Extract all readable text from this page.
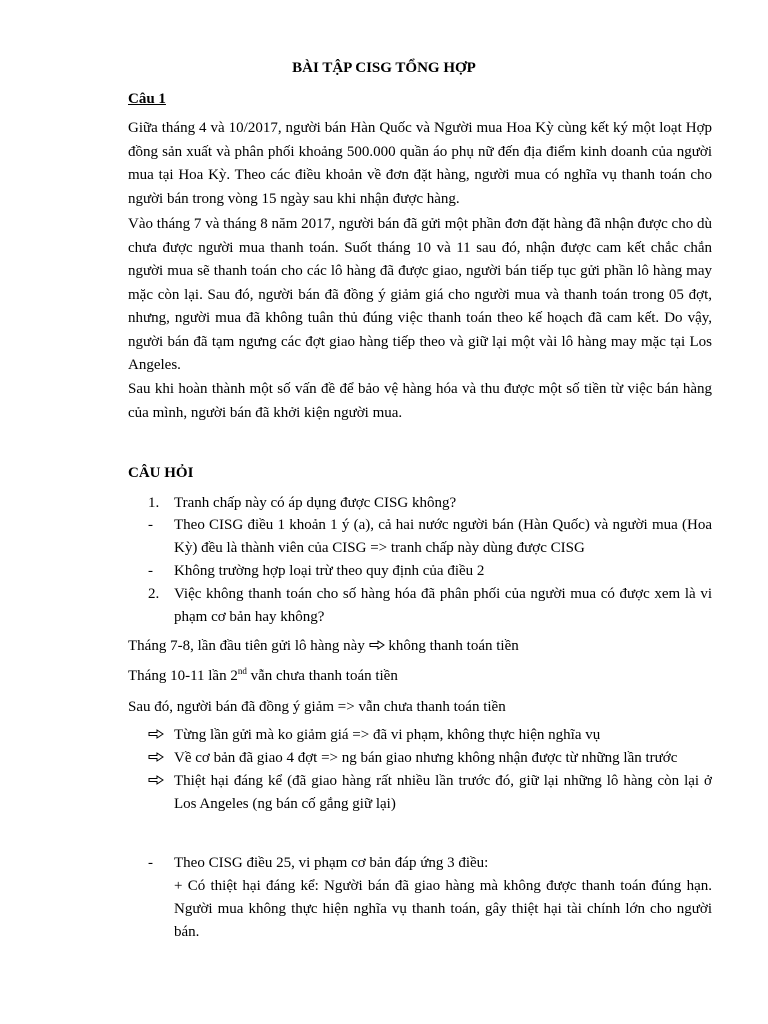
BÀI TẬP CISG TỔNG HỢP
Câu 1
Giữa tháng 4 và 10/2017, người bán Hàn Quốc và Người mua Hoa Kỳ cùng kết ký một loạt Hợp đồng sản xuất và phân phối khoảng 500.000 quần áo phụ nữ đến địa điểm kinh doanh của người mua tại Hoa Kỳ. Theo các điều khoản về đơn đặt hàng, người mua có nghĩa vụ thanh toán cho người bán trong vòng 15 ngày sau khi nhận được hàng.
Vào tháng 7 và tháng 8 năm 2017, người bán đã gửi một phần đơn đặt hàng đã nhận được cho dù chưa được người mua thanh toán. Suốt tháng 10 và 11 sau đó, nhận được cam kết chắc chắn người mua sẽ thanh toán cho các lô hàng đã được giao, người bán tiếp tục gửi phần lô hàng may mặc còn lại. Sau đó, người bán đã đồng ý giảm giá cho người mua và thanh toán trong 05 đợt, nhưng, người mua đã không tuân thủ đúng việc thanh toán theo kế hoạch đã cam kết. Do vậy, người bán đã tạm ngưng các đợt giao hàng tiếp theo và giữ lại một vài lô hàng may mặc tại Los Angeles.
Sau khi hoàn thành một số vấn đề để bảo vệ hàng hóa và thu được một số tiền từ việc bán hàng của mình, người bán đã khởi kiện người mua.
CÂU HỎI
1. Tranh chấp này có áp dụng được CISG không?
-	Theo CISG điều 1 khoản 1 ý (a), cả hai nước người bán (Hàn Quốc) và người mua (Hoa Kỳ) đều là thành viên của CISG => tranh chấp này dùng được CISG
-	Không trường hợp loại trừ theo quy định của điều 2
2. Việc không thanh toán cho số hàng hóa đã phân phối của người mua có được xem là vi phạm cơ bản hay không?
Tháng 7-8, lần đầu tiên gửi lô hàng này
không thanh toán tiền
Tháng 10-11 lần 2nd vẫn chưa thanh toán tiền
Sau đó, người bán đã đồng ý giảm => vẫn chưa thanh toán tiền
Từng lần gửi mà ko giảm giá => đã vi phạm, không thực hiện nghĩa vụ
Về cơ bản đã giao 4 đợt => ng bán giao nhưng không nhận được từ những lần trước
Thiệt hại đáng kể (đã giao hàng rất nhiều lần trước đó, giữ lại những lô hàng còn lại ở Los Angeles (ng bán cố gắng giữ lại)
-	Theo CISG điều 25, vi phạm cơ bản đáp ứng 3 điều:
+ Có thiệt hại đáng kể: Người bán đã giao hàng mà không được thanh toán đúng hạn. Người mua không thực hiện nghĩa vụ thanh toán, gây thiệt hại tài chính lớn cho người bán.
